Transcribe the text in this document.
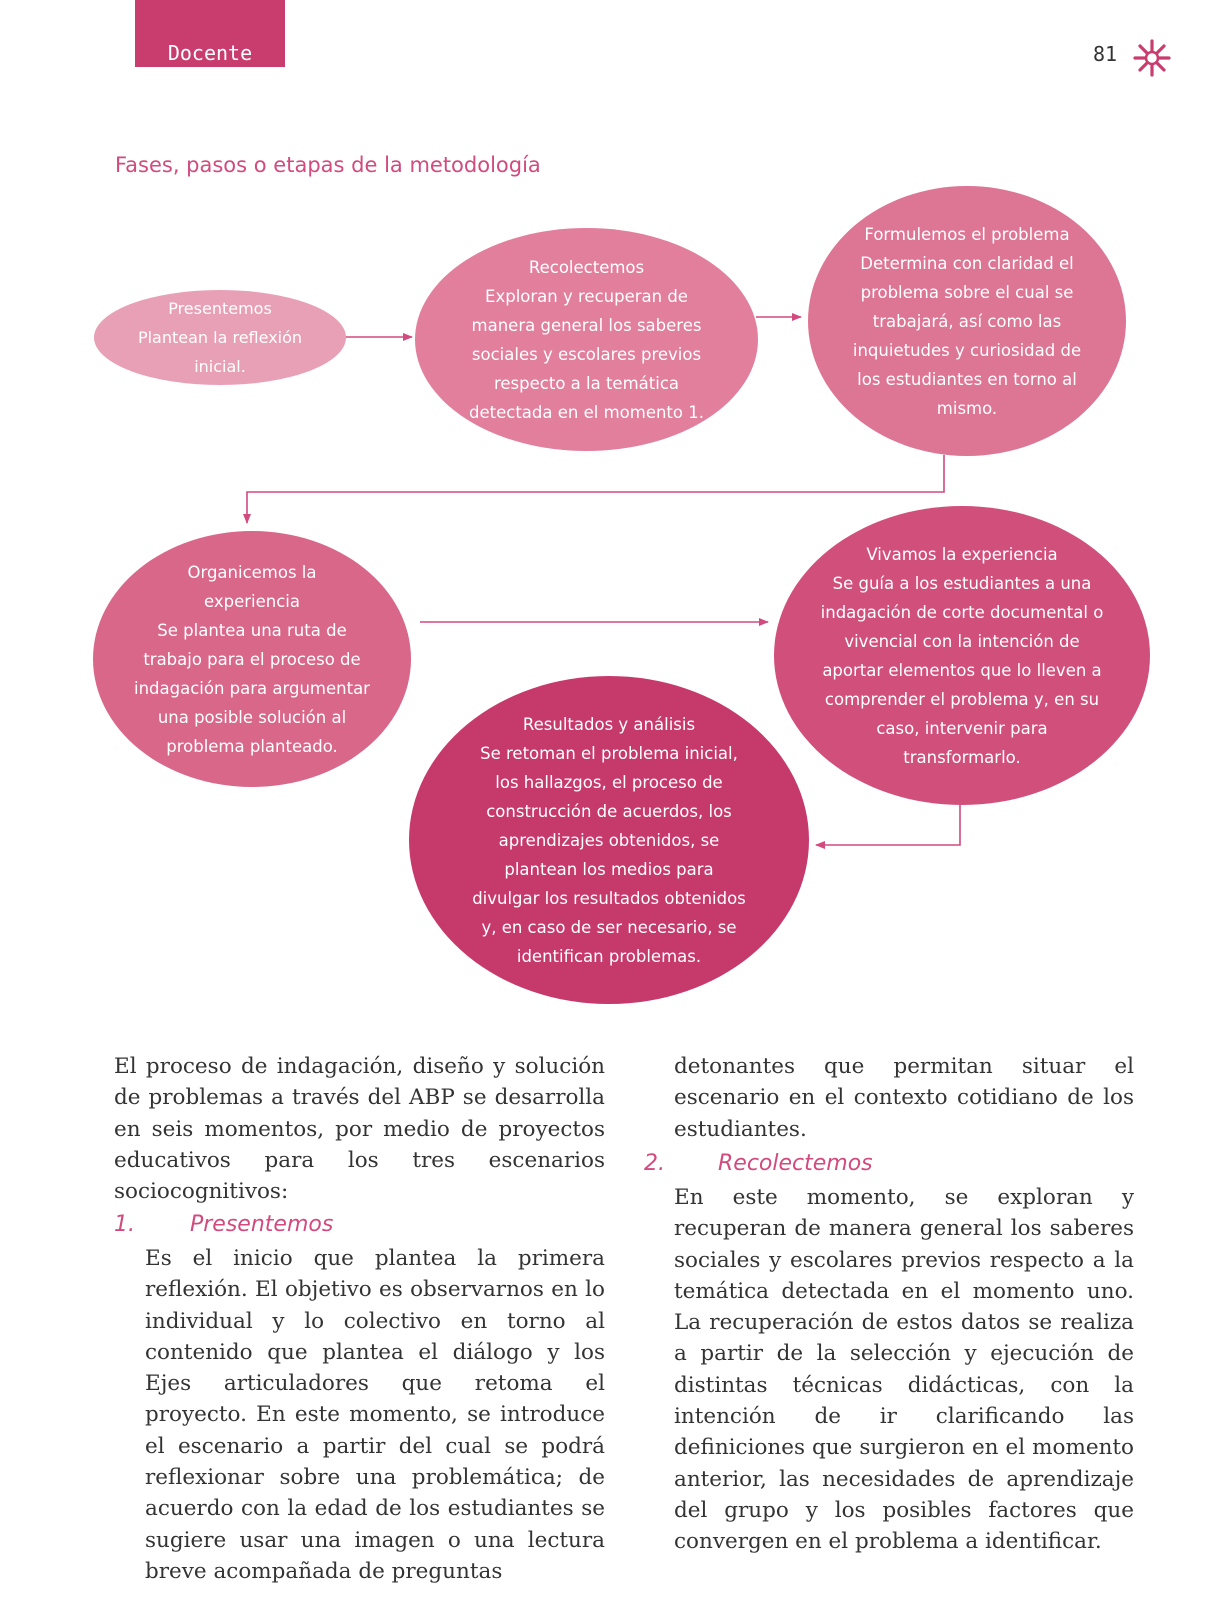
Docente	81
Fases, pasos o etapas de la metodología
Presentemos
Plantean la reflexión inicial.
Recolectemos
Exploran y recuperan de manera general los saberes sociales y escolares previos respecto a la temática detectada en el momento 1.
Formulemos el problema
Determina con claridad el problema sobre el cual se trabajará, así como las inquietudes y curiosidad de los estudiantes en torno al mismo.
Organicemos la experiencia
Se plantea una ruta de trabajo para el proceso de indagación para argumentar una posible solución al problema planteado.
Vivamos la experiencia
Se guía a los estudiantes a una indagación de corte documental o vivencial con la intención de aportar elementos que lo lleven a comprender el problema y, en su caso, intervenir para transformarlo.
Resultados y análisis
Se retoman el problema inicial, los hallazgos, el proceso de construcción de acuerdos, los aprendizajes obtenidos, se plantean los medios para divulgar los resultados obtenidos y, en caso de ser necesario, se identifican problemas.
El proceso de indagación, diseño y solución de problemas a través del ABP se desarrolla en seis momentos, por medio de proyectos educativos para los tres escenarios sociocognitivos:
1.	Presentemos
Es el inicio que plantea la primera reflexión. El objetivo es observarnos en lo individual y lo colectivo en torno al contenido que plantea el diálogo y los Ejes articuladores que retoma el proyecto. En este momento, se introduce el escenario a partir del cual se podrá reflexionar sobre una problemática; de acuerdo con la edad de los estudiantes se sugiere usar una imagen o una lectura breve acompañada de preguntas
detonantes que permitan situar el escenario en el contexto cotidiano de los estudiantes.
2. Recolectemos
En este momento, se exploran y recuperan de manera general los saberes sociales y escolares previos respecto a la temática detectada en el momento uno. La recuperación de estos datos se realiza a partir de la selección y ejecución de distintas técnicas didácticas, con la intención de ir clarificando las definiciones que surgieron en el momento anterior, las necesidades de aprendizaje del grupo y los posibles factores que convergen en el problema a identificar.
